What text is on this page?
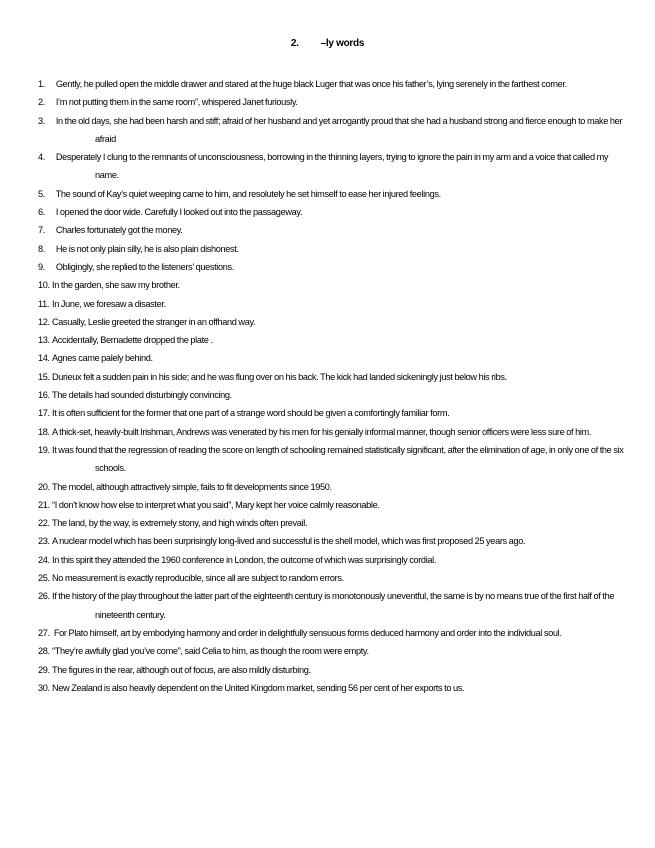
2. –ly words
1. Gently, he pulled open the middle drawer and stared at the huge black Luger that was once his father’s, lying serenely in the farthest corner.
2. I’m not putting them in the same room”, whispered Janet furiously.
3. In the old days, she had been harsh and stiff; afraid of her husband and yet arrogantly proud that she had a husband strong and fierce enough to make her afraid
4. Desperately I clung to the remnants of unconsciousness, borrowing in the thinning layers, trying to ignore the pain in my arm and a voice that called my name.
5. The sound of Kay’s quiet weeping came to him, and resolutely he set himself to ease her injured feelings.
6. I opened the door wide. Carefully I looked out into the passageway.
7. Charles fortunately got the money.
8. He is not only plain silly, he is also plain dishonest.
9. Obligingly, she replied to the listeners’ questions.
10. In the garden, she saw my brother.
11. In June, we foresaw a disaster.
12. Casually, Leslie greeted the stranger in an offhand way.
13. Accidentally, Bernadette dropped the plate .
14. Agnes came palely behind.
15. Durieux felt a sudden pain in his side; and he was flung over on his back. The kick had landed sickeningly just below his ribs.
16. The details had sounded disturbingly convincing.
17. It is often sufficient for the former that one part of a strange word should be given a comfortingly familiar form.
18. A thick-set, heavily-built Irishman, Andrews was venerated by his men for his genially informal manner, though senior officers were less sure of him.
19. It was found that the regression of reading the score on length of schooling remained statistically significant, after the elimination of age, in only one of the six schools.
20. The model, although attractively simple, fails to fit developments since 1950.
21. “I don’t know how else to interpret what you said”, Mary kept her voice calmly reasonable.
22. The land, by the way, is extremely stony, and high winds often prevail.
23. A nuclear model which has been surprisingly long-lived and successful is the shell model, which was first proposed 25 years ago.
24. In this spirit they attended the 1960 conference in London, the outcome of which was surprisingly cordial.
25. No measurement is exactly reproducible, since all are subject to random errors.
26. If the history of the play throughout the latter part of the eighteenth century is monotonously uneventful, the same is by no means true of the first half of the nineteenth century.
27. For Plato himself, art by embodying harmony and order in delightfully sensuous forms deduced harmony and order into the individual soul.
28. “They’re awfully glad you’ve come”, said Celia to him, as though the room were empty.
29. The figures in the rear, although out of focus, are also mildly disturbing.
30. New Zealand is also heavily dependent on the United Kingdom market, sending 56 per cent of her exports to us.
